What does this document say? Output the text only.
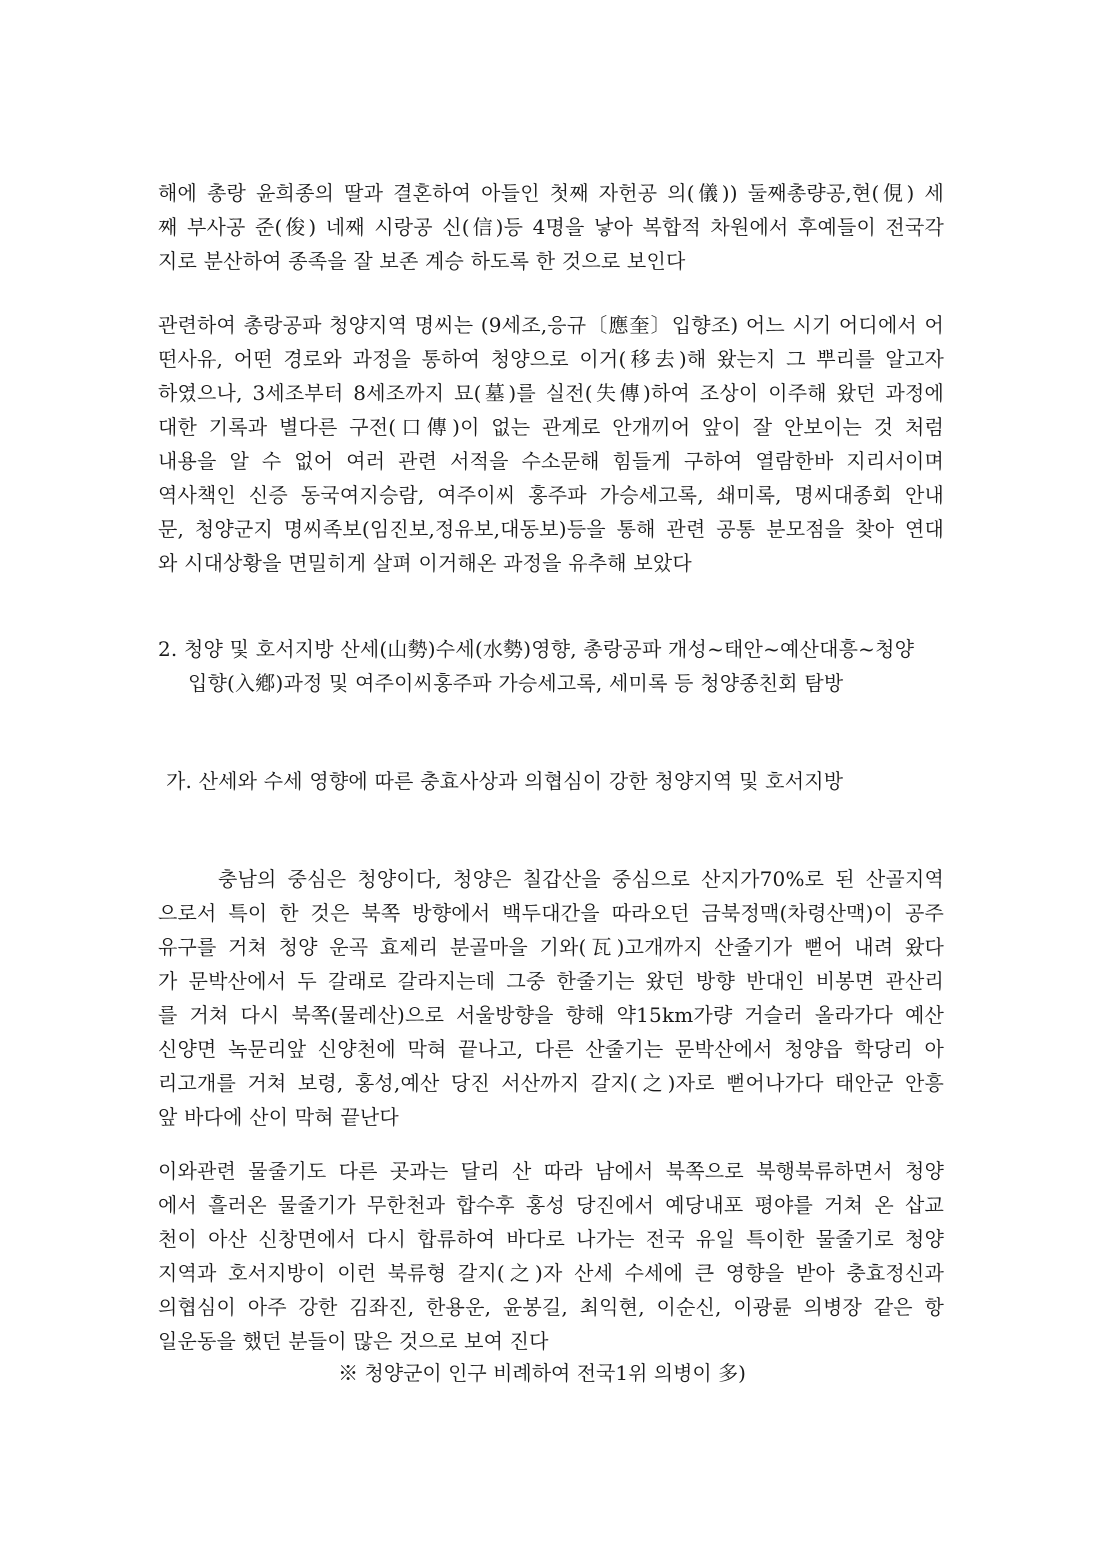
해에 총랑 윤희종의 딸과 결혼하여 아들인 첫째 자헌공 의(儀)) 둘째총량공,현(俔) 세
째 부사공 준(俊) 네째 시랑공 신(信)등 4명을 낳아 복합적 차원에서 후예들이 전국각
지로 분산하여 종족을 잘 보존 계승 하도록 한 것으로 보인다
관련하여 총랑공파 청양지역 명씨는 (9세조,응규〔應奎〕입향조) 어느 시기 어디에서 어
떤사유, 어떤 경로와 과정을 통하여 청양으로 이거(移去)해 왔는지 그 뿌리를 알고자
하였으나, 3세조부터 8세조까지 묘(墓)를 실전(失傳)하여 조상이 이주해 왔던 과정에
대한 기록과 별다른 구전(口傳)이 없는 관계로 안개끼어 앞이 잘 안보이는 것 처럼
내용을 알 수 없어 여러 관련 서적을 수소문해 힘들게 구하여 열람한바 지리서이며
역사책인 신증 동국여지승람, 여주이씨 홍주파 가승세고록, 쇄미록, 명씨대종회 안내
문, 청양군지 명씨족보(임진보,정유보,대동보)등을 통해 관련 공통 분모점을 찾아 연대
와 시대상황을 면밀히게 살펴 이거해온 과정을 유추해 보았다
2. 청양 및 호서지방 산세(山勢)수세(水勢)영향, 총랑공파 개성~태안~예산대흥~청양
입향(入鄕)과정 및 여주이씨홍주파 가승세고록, 세미록 등 청양종친회 탐방
가. 산세와 수세 영향에 따른 충효사상과 의협심이 강한 청양지역 및 호서지방
충남의 중심은 청양이다, 청양은 칠갑산을 중심으로 산지가70%로 된 산골지역
으로서 특이 한 것은 북쪽 방향에서 백두대간을 따라오던 금북정맥(차령산맥)이 공주
유구를 거쳐 청양 운곡 효제리 분골마을 기와(瓦)고개까지 산줄기가 뻗어 내려 왔다
가 문박산에서 두 갈래로 갈라지는데 그중 한줄기는 왔던 방향 반대인 비봉면 관산리
를 거쳐 다시 북쪽(물레산)으로 서울방향을 향해 약15km가량 거슬러 올라가다 예산
신양면 녹문리앞 신양천에 막혀 끝나고, 다른 산줄기는 문박산에서 청양읍 학당리 아
리고개를 거쳐 보령, 홍성,예산 당진 서산까지 갈지(之)자로 뻗어나가다 태안군 안흥
앞 바다에 산이 막혀 끝난다
이와관련 물줄기도 다른 곳과는 달리 산 따라 남에서 북쪽으로 북행북류하면서 청양
에서 흘러온 물줄기가 무한천과 합수후 홍성 당진에서 예당내포 평야를 거쳐 온 삽교
천이 아산 신창면에서 다시 합류하여 바다로 나가는 전국 유일 특이한 물줄기로 청양
지역과 호서지방이 이런 북류형 갈지(之)자 산세 수세에 큰 영향을 받아 충효정신과
의협심이 아주 강한 김좌진, 한용운, 윤봉길, 최익현, 이순신, 이광륜 의병장 같은 항
일운동을 했던 분들이 많은 것으로 보여 진다
※ 청양군이 인구 비례하여 전국1위 의병이 多)
